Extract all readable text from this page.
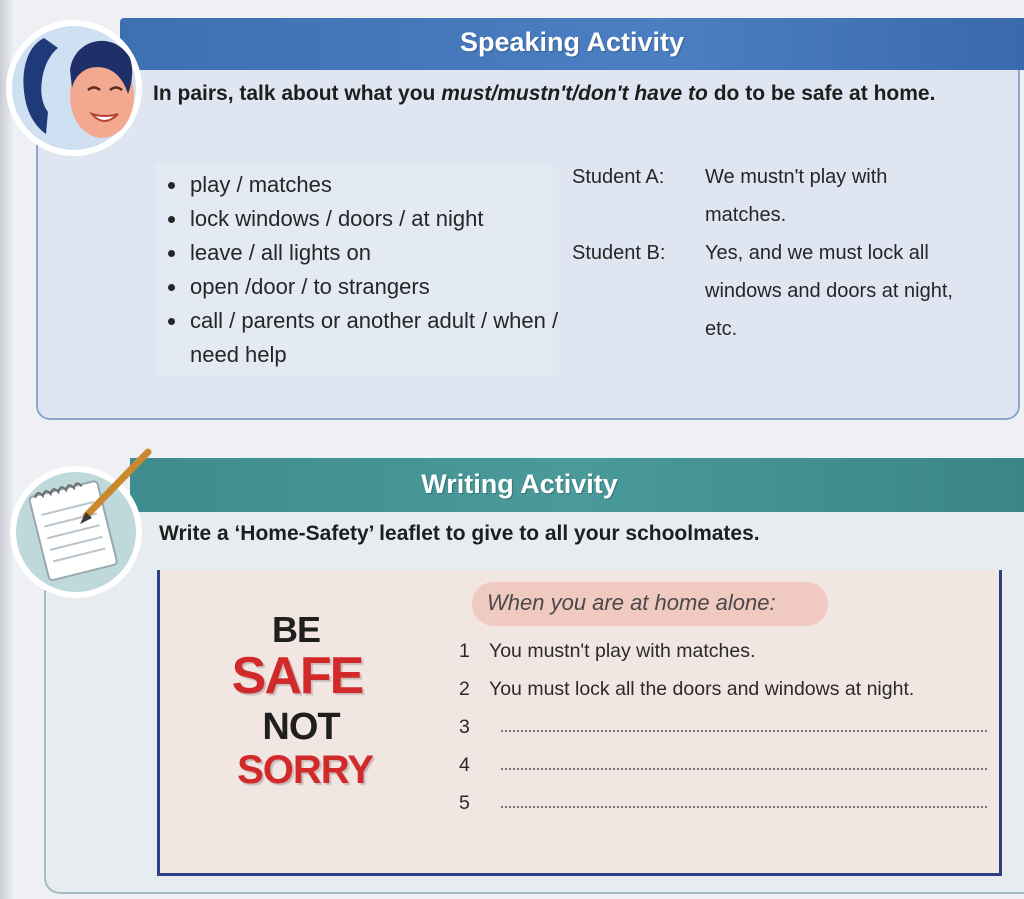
Speaking Activity
In pairs, talk about what you must/mustn't/don't have to do to be safe at home.
• play / matches
• lock windows / doors / at night
• leave / all lights on
• open /door / to strangers
• call / parents or another adult / when / need help
Student A:	We mustn't play with matches.
Student B:	Yes, and we must lock all windows and doors at night, etc.
Writing Activity
Write a ‘Home-Safety’ leaflet to give to all your schoolmates.
BE
SAFE
NOT
SORRY
When you are at home alone:
1 You mustn't play with matches.
2 You must lock all the doors and windows at night.
3
4
5
